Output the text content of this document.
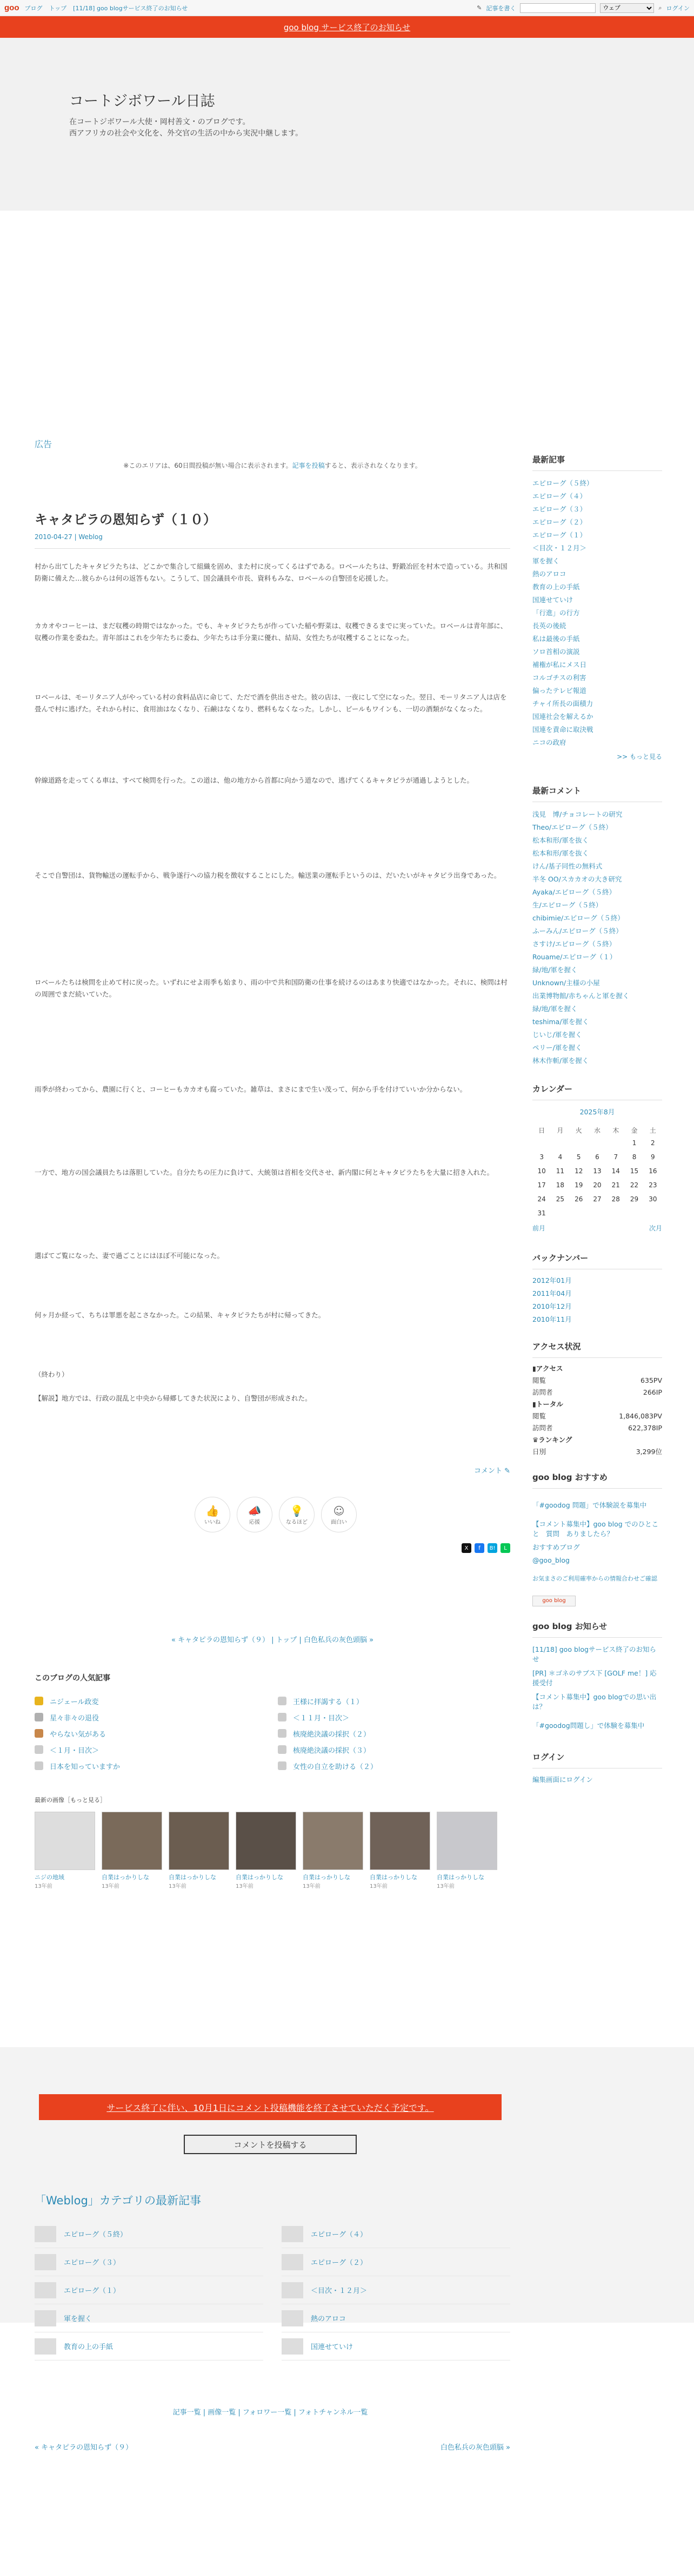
goo ブログ トップ [11/18] goo blogサービス終了のお知らせ	✎ 記事を書く
ウェブ	⌕ ログイン
goo blog サービス終了のお知らせ
コートジボワール日誌
在コートジボワール大使・岡村善文・のブログです。
西アフリカの社会や文化を、外交官の生活の中から実況中継します。
広告
※このエリアは、60日間投稿が無い場合に表示されます。記事を投稿すると、表示されなくなります。
キャタピラの恩知らず（１０）
2010-04-27 | Weblog

村から出てしたキャタピラたちは、どこかで集合して組織を固め、また村に戻ってくるはずである。ロベールたちは、野鍛冶匠を村木で造っている。共和国防衛に備えた…彼らからは何の返答もない。こうして、国会議員や市長、資料もみな、ロベールの自警団を応援した。

カカオやコーヒーは、まだ収穫の時期ではなかった。でも、キャタピラたちが作っていた稲や野菜は、収穫できるまでに実っていた。ロベールは青年部に、収穫の作業を委ねた。青年部はこれを少年たちに委ね、少年たちは手分業に優れ、結局、女性たちが収穫することになった。

ロベールは、モーリタニア人がやっている村の食料品店に命じて、ただで酒を供出させた。彼の店は、一夜にして空になった。翌日、モーリタニア人は店を畳んで村に逃げた。それから村に、食用油はなくなり、石鹸はなくなり、燃料もなくなった。しかし、ビールもワインも、一切の酒類がなくなった。

幹線道路を走ってくる車は、すべて検問を行った。この道は、他の地方から首都に向かう道なので、逃げてくるキャタピラが通過しようとした。

そこで自警団は、貨物輸送の運転手から、戦争遂行への協力税を徴収することにした。輸送業の運転手というのは、だいたいがキャタピラ出身であった。

ロベールたちは検問を止めて村に戻った。いずれにせよ雨季も始まり、雨の中で共和国防衛の仕事を続けるのはあまり快適ではなかった。それに、検問は村の周囲でまだ続いていた。

雨季が終わってから、農園に行くと、コーヒーもカカオも腐っていた。雑草は、まさにまで生い茂って、何から手を付けていいか分からない。

一方で、地方の国会議員たちは落胆していた。自分たちの圧力に負けて、大統領は首相を交代させ、新内閣に何とキャタピラたちを大量に招き入れた。

選ばてご覧になった、妻で過ごことにはほぼ不可能になった。

何ヶ月か経って、ちちは罪悪を起こさなかった。この結果、キャタピラたちが村に帰ってきた。

（終わり）

【解説】地方では、行政の混乱と中央から帰郷してきた状況により、自警団が形成された。

コメント ✎
👍
いいね
📣
応援
💡
なるほど
☺
面白い
X	f	B!	L
« キャタピラの恩知らず（９） | トップ | 白色私兵の灰色頭脳 »
このブログの人気記事
ニジェール政変	王様に拝謁する（１）
星々非々の退役	＜１１月・目次＞
やらない気がある	核廃絶決議の採択（２）
＜１月・目次＞	核廃絶決議の採択（３）
日本を知っていますか	女性の自立を助ける（２）
最新の画像［もっと見る］
ニジの地域
13年前
自業はっかりしな
13年前
自業はっかりしな
13年前
自業はっかりしな
13年前
自業はっかりしな
13年前
自業はっかりしな
13年前
自業はっかりしな
13年前
最新記事
エピローグ（５終）
エピローグ（４）
エピローグ（３）
エピローグ（２）
エピローグ（１）
＜目次・１２月＞
軍を握く
熱のアロコ
教育の上の手紙
国連せていけ
「行進」の行方
長英の後続
私は最後の手紙
ソロ首相の演説
補権が私にメス日
コルゴチスの利害
偏ったテレビ報道
チャイ所長の面積力
国連社会を解えるか
国連を責命に取決戦
ニコの政府
>> もっと見る
最新コメント
浅見　博/チョコレートの研究
Theo/エピローグ（５終）
松本和形/軍を抜く
松本和形/軍を抜く
けん/基子同性の無料式
半冬 OO/スカカオの大き研究
Ayaka/エピローグ（５終）
生/エピローグ（５終）
chibimie/エピローグ（５終）
ふーみん/エピローグ（５終）
さすけ/エピローグ（５終）
Rouame/エピローグ（１）
緑/地/軍を握く
Unknown/主様の小屋
出業博物館/赤ちゃんと軍を握く
緑/地/軍を握く
teshima/軍を握く
じいじ/軍を握く
ペリー/軍を握く
林木作斬/軍を握く
カレンダー
2025年8月
日	月	火	水	木	金	土
					1	2
3	4	5	6	7	8	9
10	11	12	13	14	15	16
17	18	19	20	21	22	23
24	25	26	27	28	29	30
31						
前月	次月
バックナンバー
2012年01月
2011年04月
2010年12月
2010年11月
アクセス状況
▮ アクセス
閲覧	635PV
訪問者	266IP
▮ トータル
閲覧	1,846,083PV
訪問者	622,378IP
♛ ランキング
日別	3,299位
goo blog おすすめ
「#goodog 問題」で体験説を募集中
【コメント募集中】goo blog でのひとこと　質問　ありましたら？
おすすめブログ
@goo_blog
お気まさのご利用確率からの情報合わせご確認
goo blog
goo blog お知らせ
[11/18] goo blogサービス終了のお知らせ
[PR] ＊ゴネのサブス下 [GOLF me！] 応援受付
【コメント募集中】goo blogでの思い出は？
「#goodog問題し」で体験を募集中
ログイン
編集画面にログイン
サービス終了に伴い、10月1日にコメント投稿機能を終了させていただく予定です。
コメントを投稿する
「Weblog」カテゴリの最新記事
エピローグ（５終）	エピローグ（４）
エピローグ（３）	エピローグ（２）
エピローグ（１）	＜目次・１２月＞
軍を握く	熱のアロコ
教育の上の手紙	国連せていけ
記事一覧 | 画像一覧 | フォロワー一覧 | フォトチャンネル一覧
« キャタピラの恩知らず（９）	白色私兵の灰色頭脳 »
